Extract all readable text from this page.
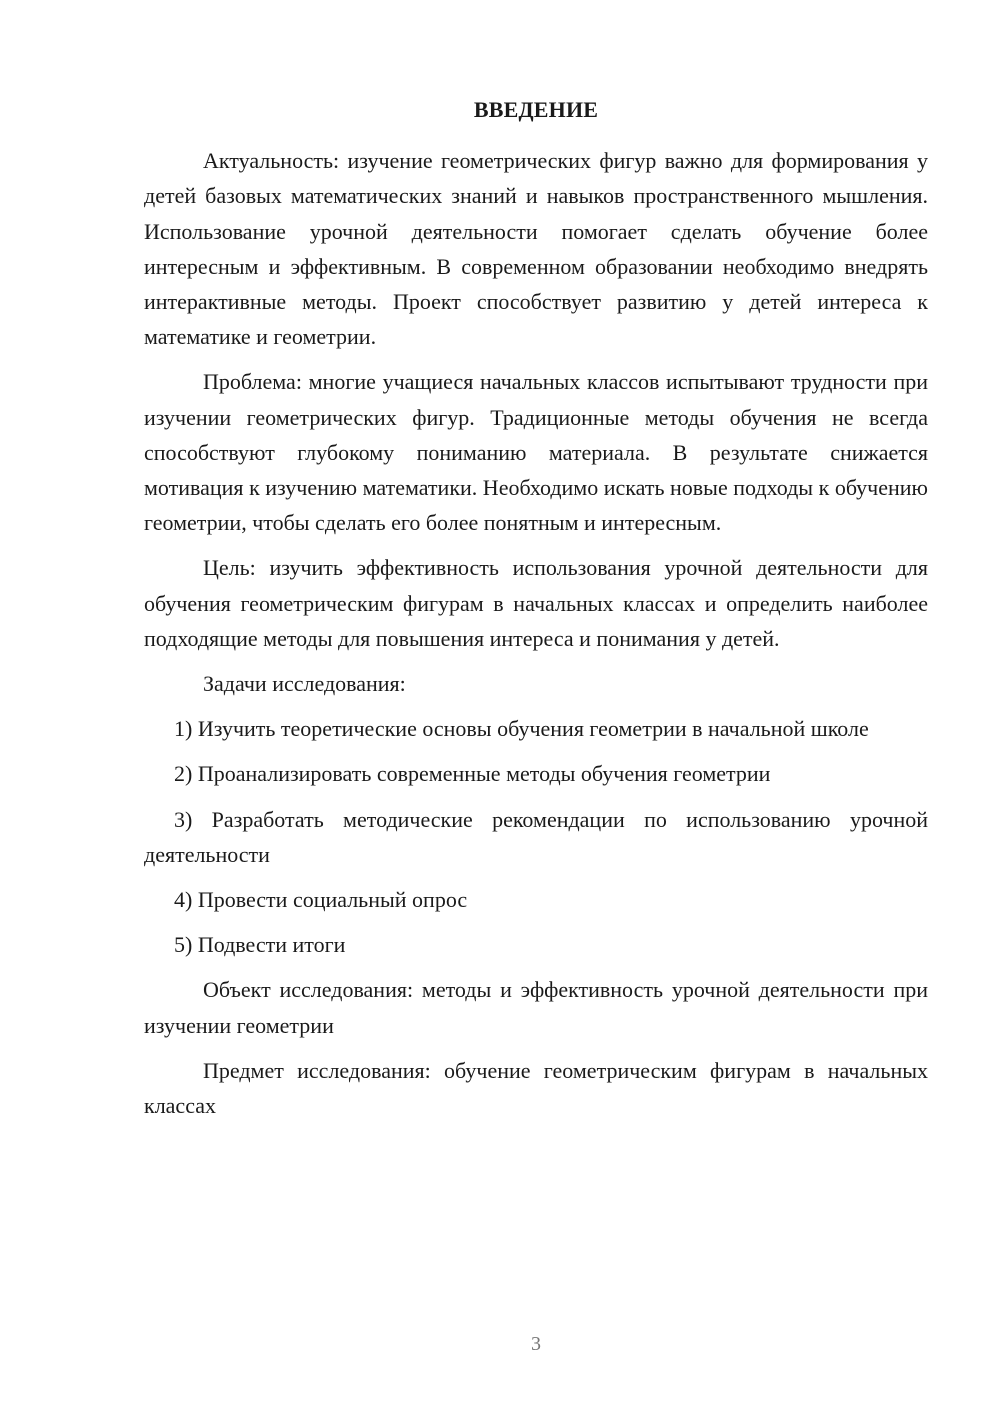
ВВЕДЕНИЕ

Актуальность: изучение геометрических фигур важно для формирования у детей базовых математических знаний и навыков пространственного мышления. Использование урочной деятельности помогает сделать обучение более интересным и эффективным. В современном образовании необходимо внедрять интерактивные методы. Проект способствует развитию у детей интереса к математике и геометрии.

Проблема: многие учащиеся начальных классов испытывают трудности при изучении геометрических фигур. Традиционные методы обучения не всегда способствуют глубокому пониманию материала. В результате снижается мотивация к изучению математики. Необходимо искать новые подходы к обучению геометрии, чтобы сделать его более понятным и интересным.

Цель: изучить эффективность использования урочной деятельности для обучения геометрическим фигурам в начальных классах и определить наиболее подходящие методы для повышения интереса и понимания у детей.

Задачи исследования:

1) Изучить теоретические основы обучения геометрии в начальной школе

2) Проанализировать современные методы обучения геометрии

3) Разработать методические рекомендации по использованию урочной деятельности

4) Провести социальный опрос

5) Подвести итоги

Объект исследования: методы и эффективность урочной деятельности при изучении геометрии

Предмет исследования: обучение геометрическим фигурам в начальных классах

3
